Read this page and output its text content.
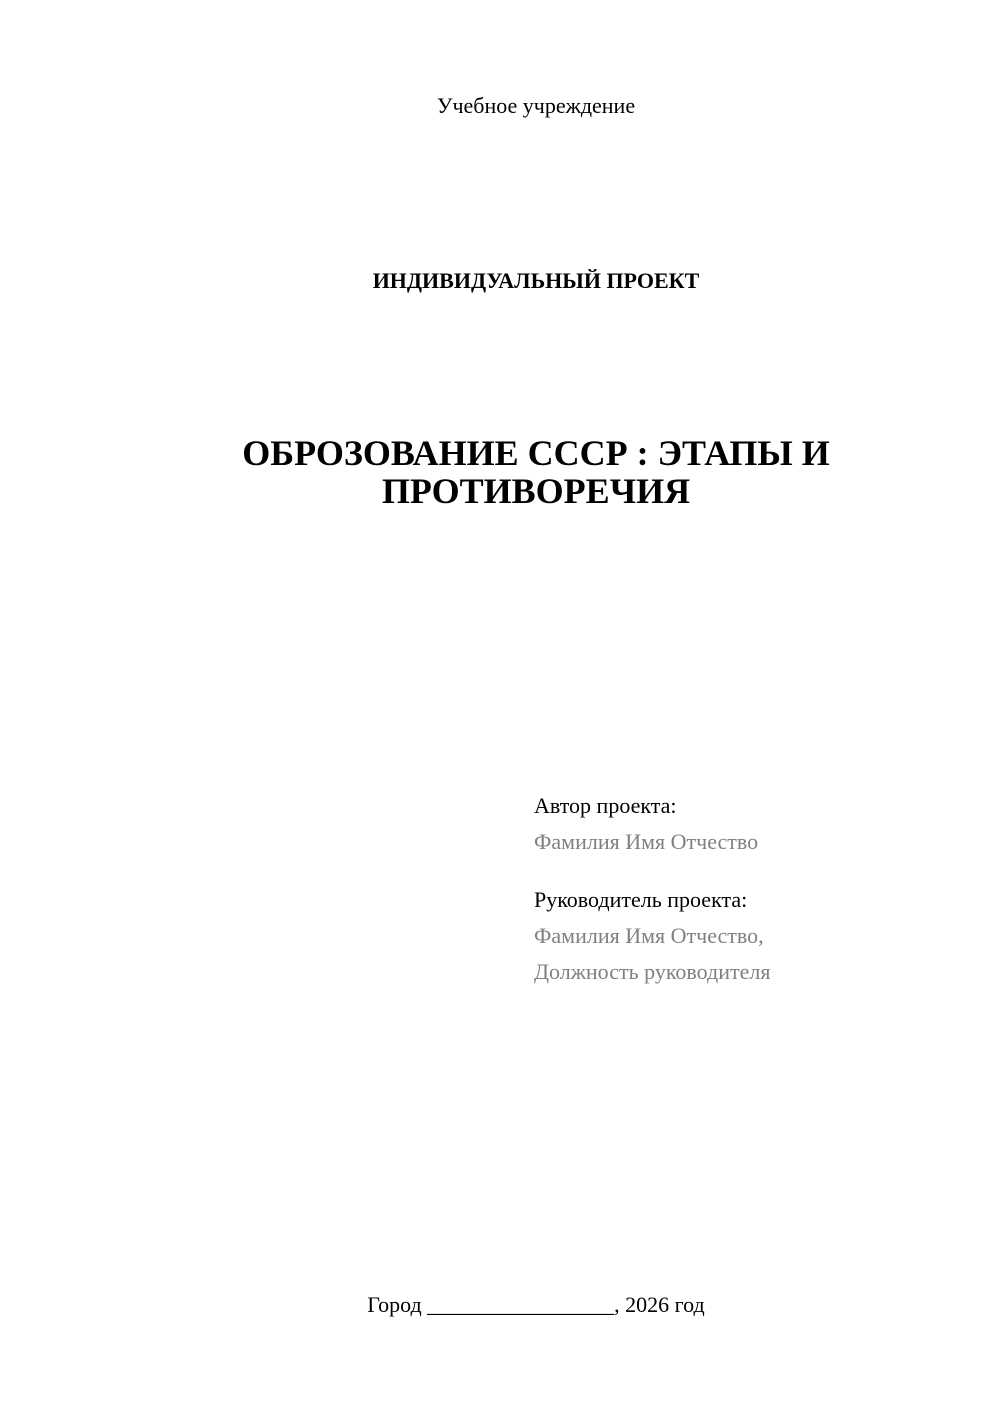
Учебное учреждение
ИНДИВИДУАЛЬНЫЙ ПРОЕКТ
ОБРОЗОВАНИЕ СССР : ЭТАПЫ И
ПРОТИВОРЕЧИЯ
Автор проекта:
Фамилия Имя Отчество
Руководитель проекта:
Фамилия Имя Отчество,
Должность руководителя
Город _________________, 2026 год
